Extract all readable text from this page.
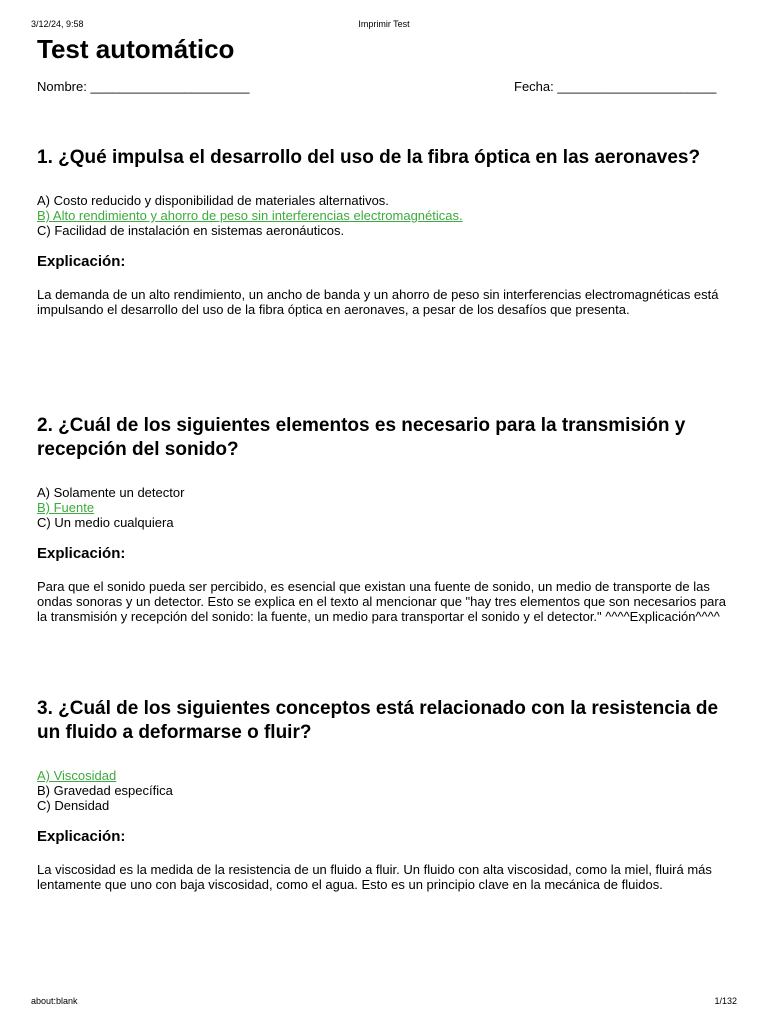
3/12/24, 9:58	Imprimir Test
Test automático
Nombre: ______________________	Fecha: ______________________
1. ¿Qué impulsa el desarrollo del uso de la fibra óptica en las aeronaves?
A) Costo reducido y disponibilidad de materiales alternativos.
B) Alto rendimiento y ahorro de peso sin interferencias electromagnéticas.
C) Facilidad de instalación en sistemas aeronáuticos.
Explicación:

La demanda de un alto rendimiento, un ancho de banda y un ahorro de peso sin interferencias electromagnéticas está impulsando el desarrollo del uso de la fibra óptica en aeronaves, a pesar de los desafíos que presenta.

2. ¿Cuál de los siguientes elementos es necesario para la transmisión y recepción del sonido?
A) Solamente un detector
B) Fuente
C) Un medio cualquiera
Explicación:

Para que el sonido pueda ser percibido, es esencial que existan una fuente de sonido, un medio de transporte de las ondas sonoras y un detector. Esto se explica en el texto al mencionar que "hay tres elementos que son necesarios para la transmisión y recepción del sonido: la fuente, un medio para transportar el sonido y el detector." ^^^^Explicación^^^^

3. ¿Cuál de los siguientes conceptos está relacionado con la resistencia de un fluido a deformarse o fluir?
A) Viscosidad
B) Gravedad específica
C) Densidad
Explicación:

La viscosidad es la medida de la resistencia de un fluido a fluir. Un fluido con alta viscosidad, como la miel, fluirá más lentamente que uno con baja viscosidad, como el agua. Esto es un principio clave en la mecánica de fluidos.

about:blank	1/132
